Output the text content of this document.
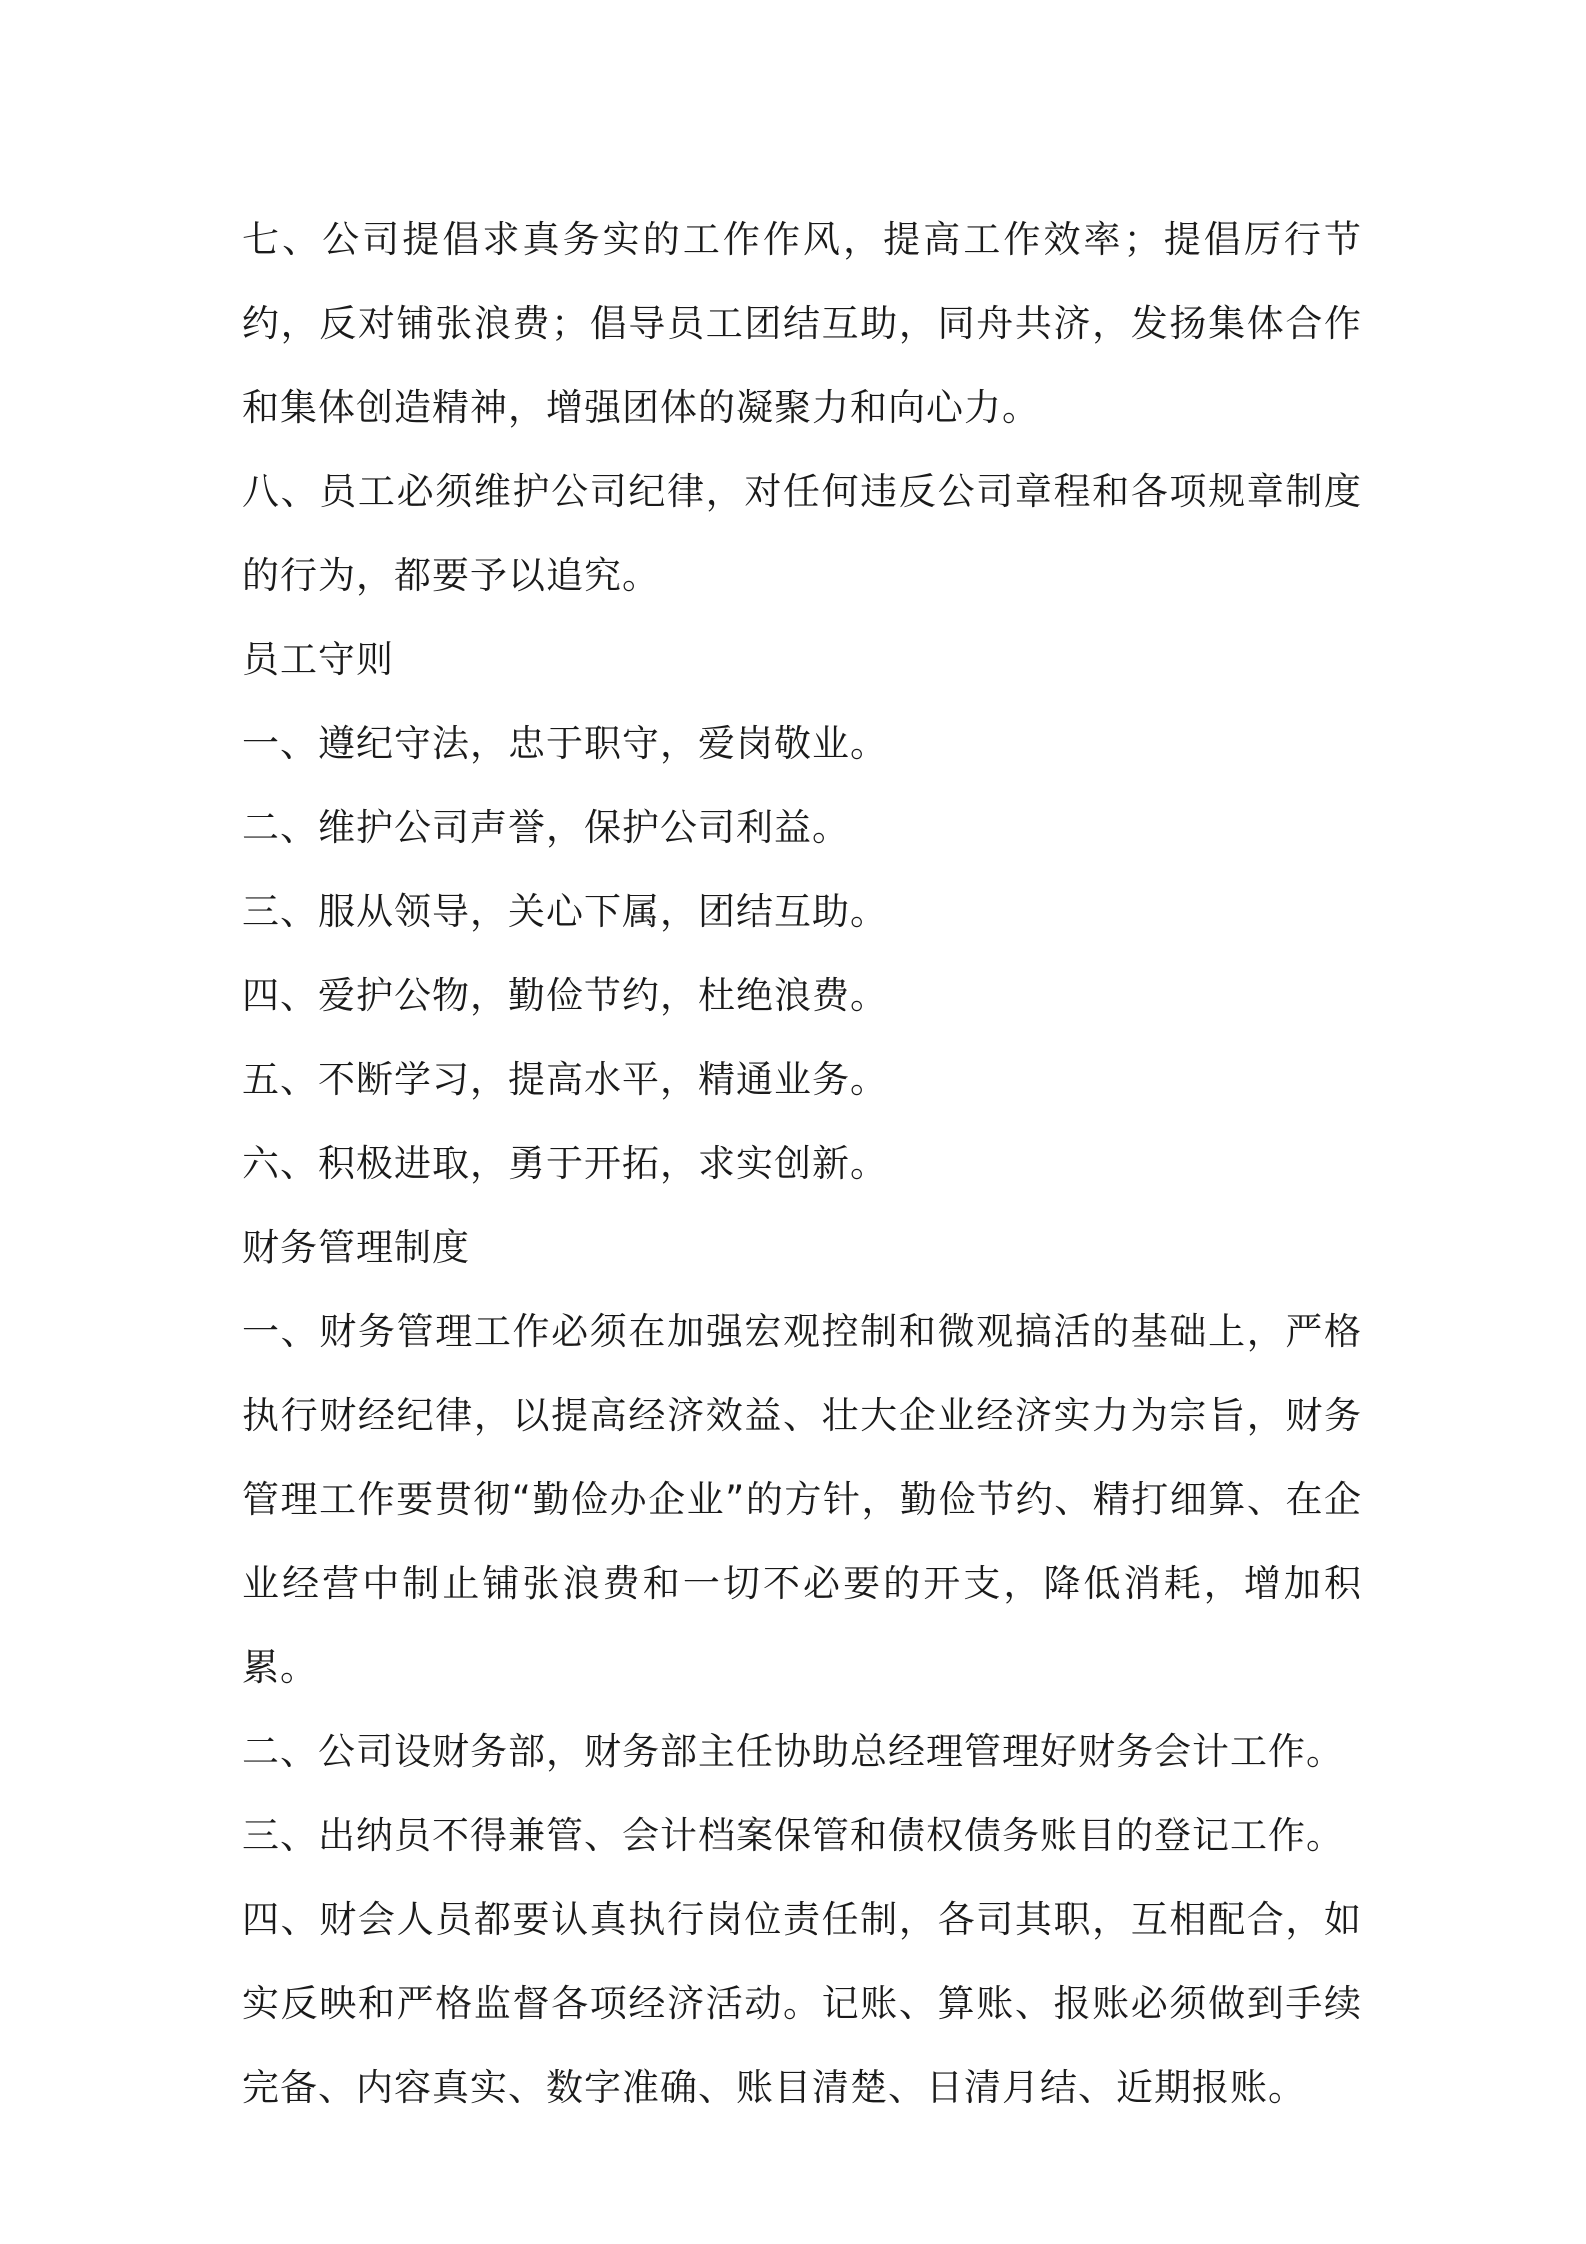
七、公司提倡求真务实的工作作风，提高工作效率；提倡厉行节约，反对铺张浪费；倡导员工团结互助，同舟共济，发扬集体合作和集体创造精神，增强团体的凝聚力和向心力。

八、员工必须维护公司纪律，对任何违反公司章程和各项规章制度的行为，都要予以追究。

员工守则

一、遵纪守法，忠于职守，爱岗敬业。

二、维护公司声誉，保护公司利益。

三、服从领导，关心下属，团结互助。

四、爱护公物，勤俭节约，杜绝浪费。

五、不断学习，提高水平，精通业务。

六、积极进取，勇于开拓，求实创新。

财务管理制度

一、财务管理工作必须在加强宏观控制和微观搞活的基础上，严格执行财经纪律，以提高经济效益、壮大企业经济实力为宗旨，财务管理工作要贯彻“勤俭办企业”的方针，勤俭节约、精打细算、在企业经营中制止铺张浪费和一切不必要的开支，降低消耗，增加积累。

二、公司设财务部，财务部主任协助总经理管理好财务会计工作。

三、出纳员不得兼管、会计档案保管和债权债务账目的登记工作。

四、财会人员都要认真执行岗位责任制，各司其职，互相配合，如实反映和严格监督各项经济活动。记账、算账、报账必须做到手续完备、内容真实、数字准确、账目清楚、日清月结、近期报账。
